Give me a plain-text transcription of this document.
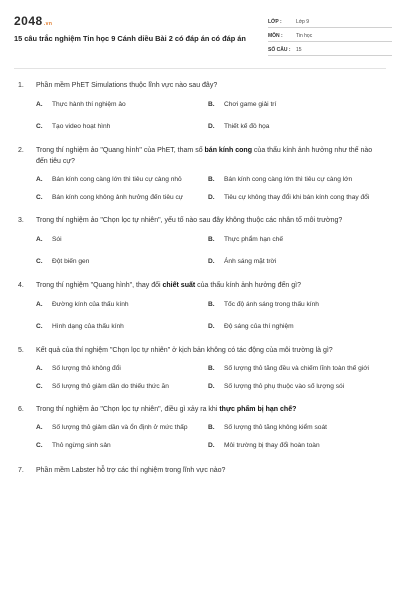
2048.vn
15 câu trắc nghiệm Tin học 9 Cánh diều Bài 2 có đáp án có đáp án
LỚP :	Lớp 9
MÔN :	Tin học
SỐ CÂU :	15
1.	Phần mềm PhET Simulations thuộc lĩnh vực nào sau đây?
A.	Thực hành thí nghiệm ảo	B.	Chơi game giải trí
C.	Tạo video hoạt hình	D.	Thiết kế đồ họa
2.	Trong thí nghiệm ảo "Quang hình" của PhET, tham số bán kính cong của thấu kính ảnh hưởng như thế nào đến tiêu cự?
A.	Bán kính cong càng lớn thì tiêu cự càng nhỏ	B.	Bán kính cong càng lớn thì tiêu cự càng lớn
C.	Bán kính cong không ảnh hưởng đến tiêu cự	D.	Tiêu cự không thay đổi khi bán kính cong thay đổi
3.	Trong thí nghiệm ảo "Chọn lọc tự nhiên", yếu tố nào sau đây không thuộc các nhân tố môi trường?
A.	Sói	B.	Thực phẩm hạn chế
C.	Đột biến gen	D.	Ánh sáng mặt trời
4.	Trong thí nghiệm "Quang hình", thay đổi chiết suất của thấu kính ảnh hưởng đến gì?
A.	Đường kính của thấu kính	B.	Tốc độ ánh sáng trong thấu kính
C.	Hình dạng của thấu kính	D.	Độ sáng của thí nghiệm
5.	Kết quả của thí nghiệm "Chọn lọc tự nhiên" ở kịch bản không có tác động của môi trường là gì?
A.	Số lượng thỏ không đổi	B.	Số lượng thỏ tăng đều và chiếm lĩnh toàn thế giới
C.	Số lượng thỏ giảm dần do thiếu thức ăn	D.	Số lượng thỏ phụ thuộc vào số lượng sói
6.	Trong thí nghiệm ảo "Chọn lọc tự nhiên", điều gì xảy ra khi thực phẩm bị hạn chế?
A.	Số lượng thỏ giảm dần và ổn định ở mức thấp	B.	Số lượng thỏ tăng không kiểm soát
C.	Thỏ ngừng sinh sản	D.	Môi trường bị thay đổi hoàn toàn
7.	Phần mềm Labster hỗ trợ các thí nghiệm trong lĩnh vực nào?
